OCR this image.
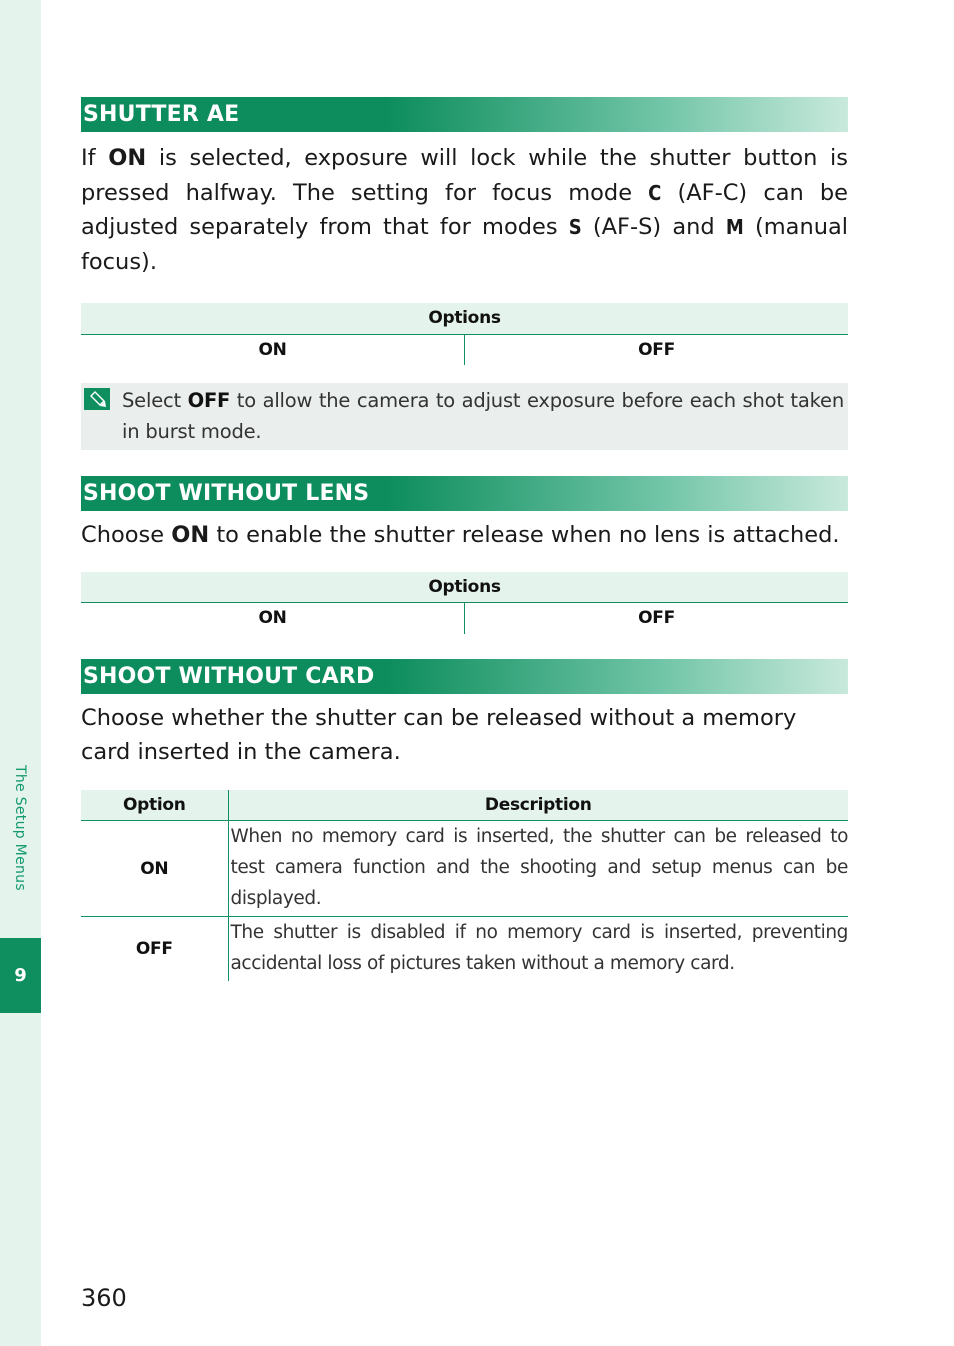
The Setup Menus
9
SHUTTER AE

If ON is selected, exposure will lock while the shutter button is pressed halfway. The setting for focus mode C (AF-C) can be adjusted separately from that for modes S (AF-S) and M (manual focus).

Options
ON	OFF

Select OFF to allow the camera to adjust exposure before each shot taken in burst mode.

SHOOT WITHOUT LENS

Choose ON to enable the shutter release when no lens is attached.

Options
ON	OFF
SHOOT WITHOUT CARD

Choose whether the shutter can be released without a memory card inserted in the camera.

Option	Description
ON	When no memory card is inserted, the shutter can be released to test camera function and the shooting and setup menus can be displayed.
OFF	The shutter is disabled if no memory card is inserted, preventing accidental loss of pictures taken without a memory card.
360
